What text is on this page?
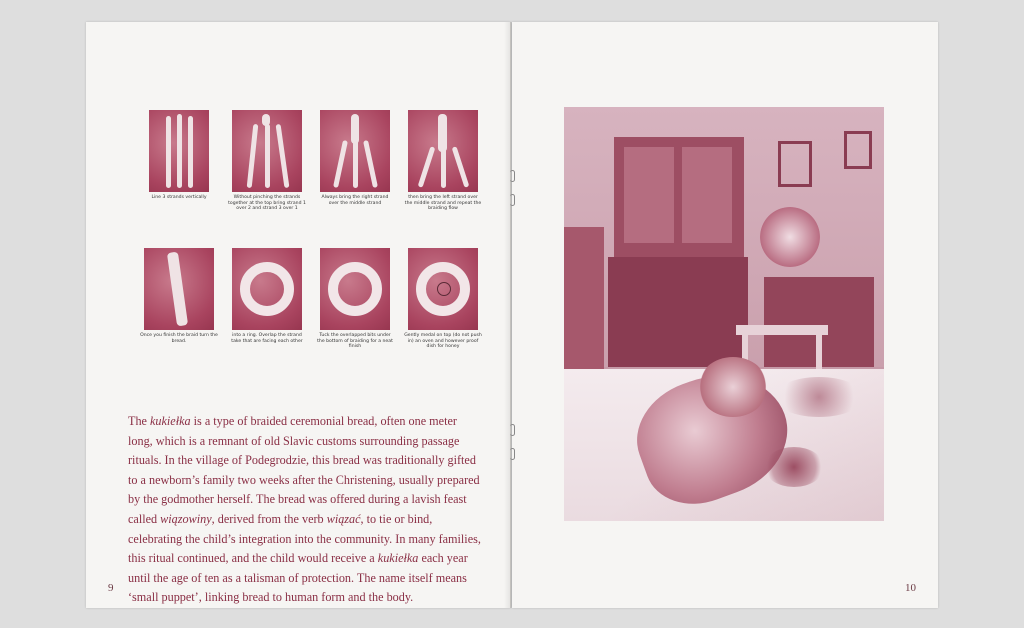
Line 3 strands vertically	Without pinching the strands together at the top bring strand 1 over 2 and strand 3 over 1
Always bring the right strand over the middle strand
then bring the left strand over the middle strand and repeat the braiding flow
Once you finish the braid turn the bread.
into a ring. Overlap the strand take that are facing each other
Tuck the overlapped bits under the bottom of braiding for a neat finish
Gently medal on top (do not push in) an oven and however proof dish for honey

The kukiełka is a type of braided ceremonial bread, often one meter long, which is a remnant of old Slavic customs surrounding passage rituals. In the village of Podegrodzie, this bread was traditionally gifted to a newborn’s family two weeks after the Christening, usually prepared by the godmother herself. The bread was offered during a lavish feast called wiązowiny, derived from the verb wiązać, to tie or bind, celebrating the child’s integration into the community. In many families, this ritual continued, and the child would receive a kukiełka each year until the age of ten as a talisman of protection. The name itself means ‘small puppet’, linking bread to human form and the body.

9	10
